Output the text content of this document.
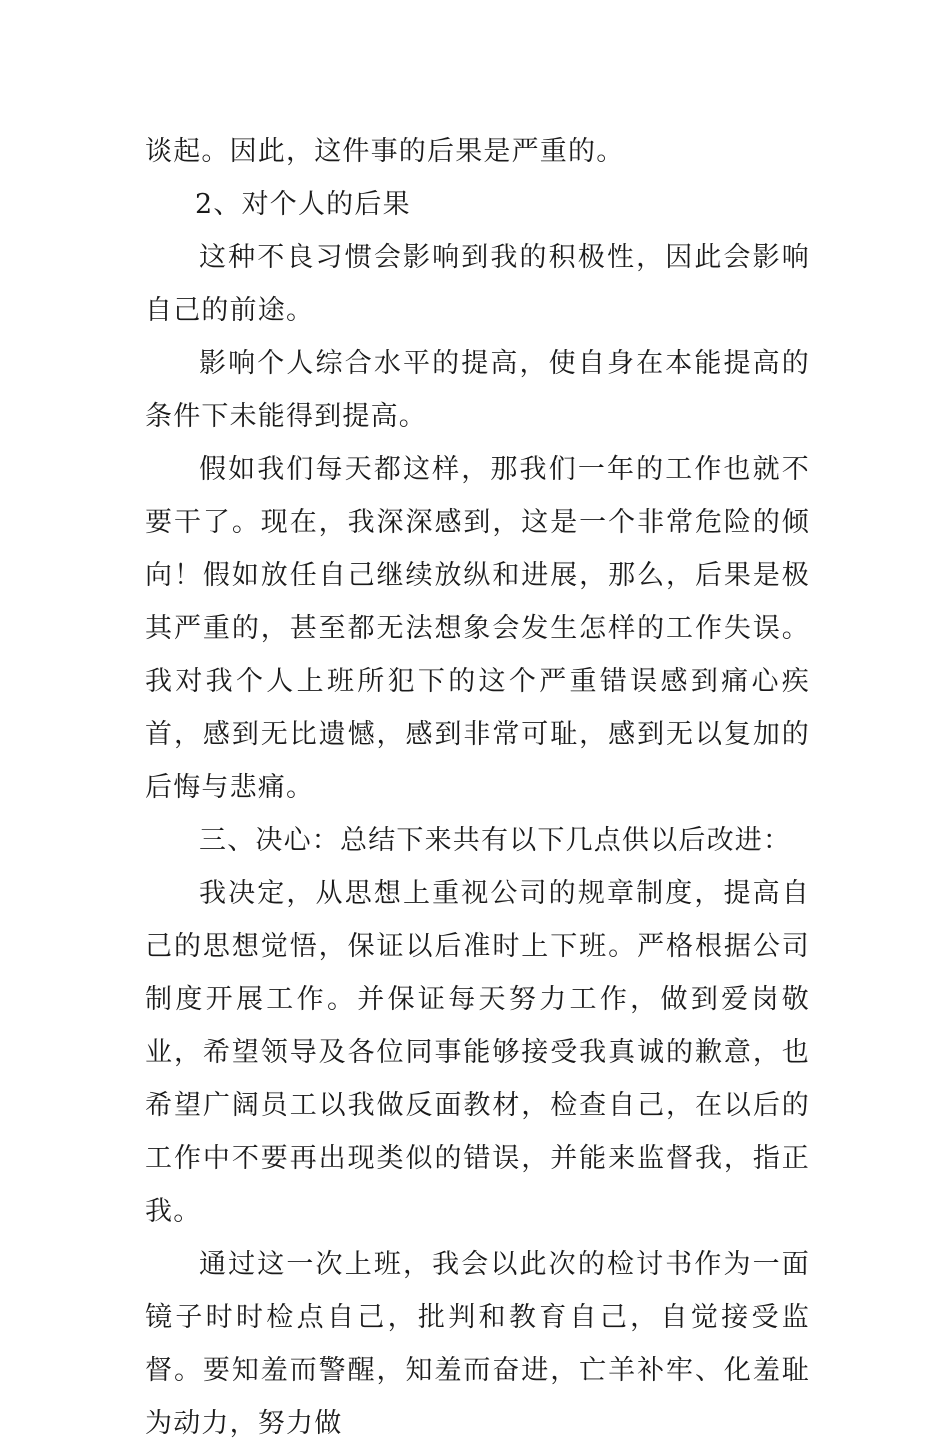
谈起。因此，这件事的后果是严重的。

2、对个人的后果

这种不良习惯会影响到我的积极性，因此会影响自己的前途。

影响个人综合水平的提高，使自身在本能提高的条件下未能得到提高。

假如我们每天都这样，那我们一年的工作也就不要干了。现在，我深深感到，这是一个非常危险的倾向！假如放任自己继续放纵和进展，那么，后果是极其严重的，甚至都无法想象会发生怎样的工作失误。我对我个人上班所犯下的这个严重错误感到痛心疾首，感到无比遗憾，感到非常可耻，感到无以复加的后悔与悲痛。

三、决心：总结下来共有以下几点供以后改进：

我决定，从思想上重视公司的规章制度，提高自己的思想觉悟，保证以后准时上下班。严格根据公司制度开展工作。并保证每天努力工作，做到爱岗敬业，希望领导及各位同事能够接受我真诚的歉意，也希望广阔员工以我做反面教材，检查自己，在以后的工作中不要再出现类似的错误，并能来监督我，指正我。

通过这一次上班，我会以此次的检讨书作为一面镜子时时检点自己，批判和教育自己，自觉接受监督。要知羞而警醒，知羞而奋进，亡羊补牢、化羞耻为动力，努力做
